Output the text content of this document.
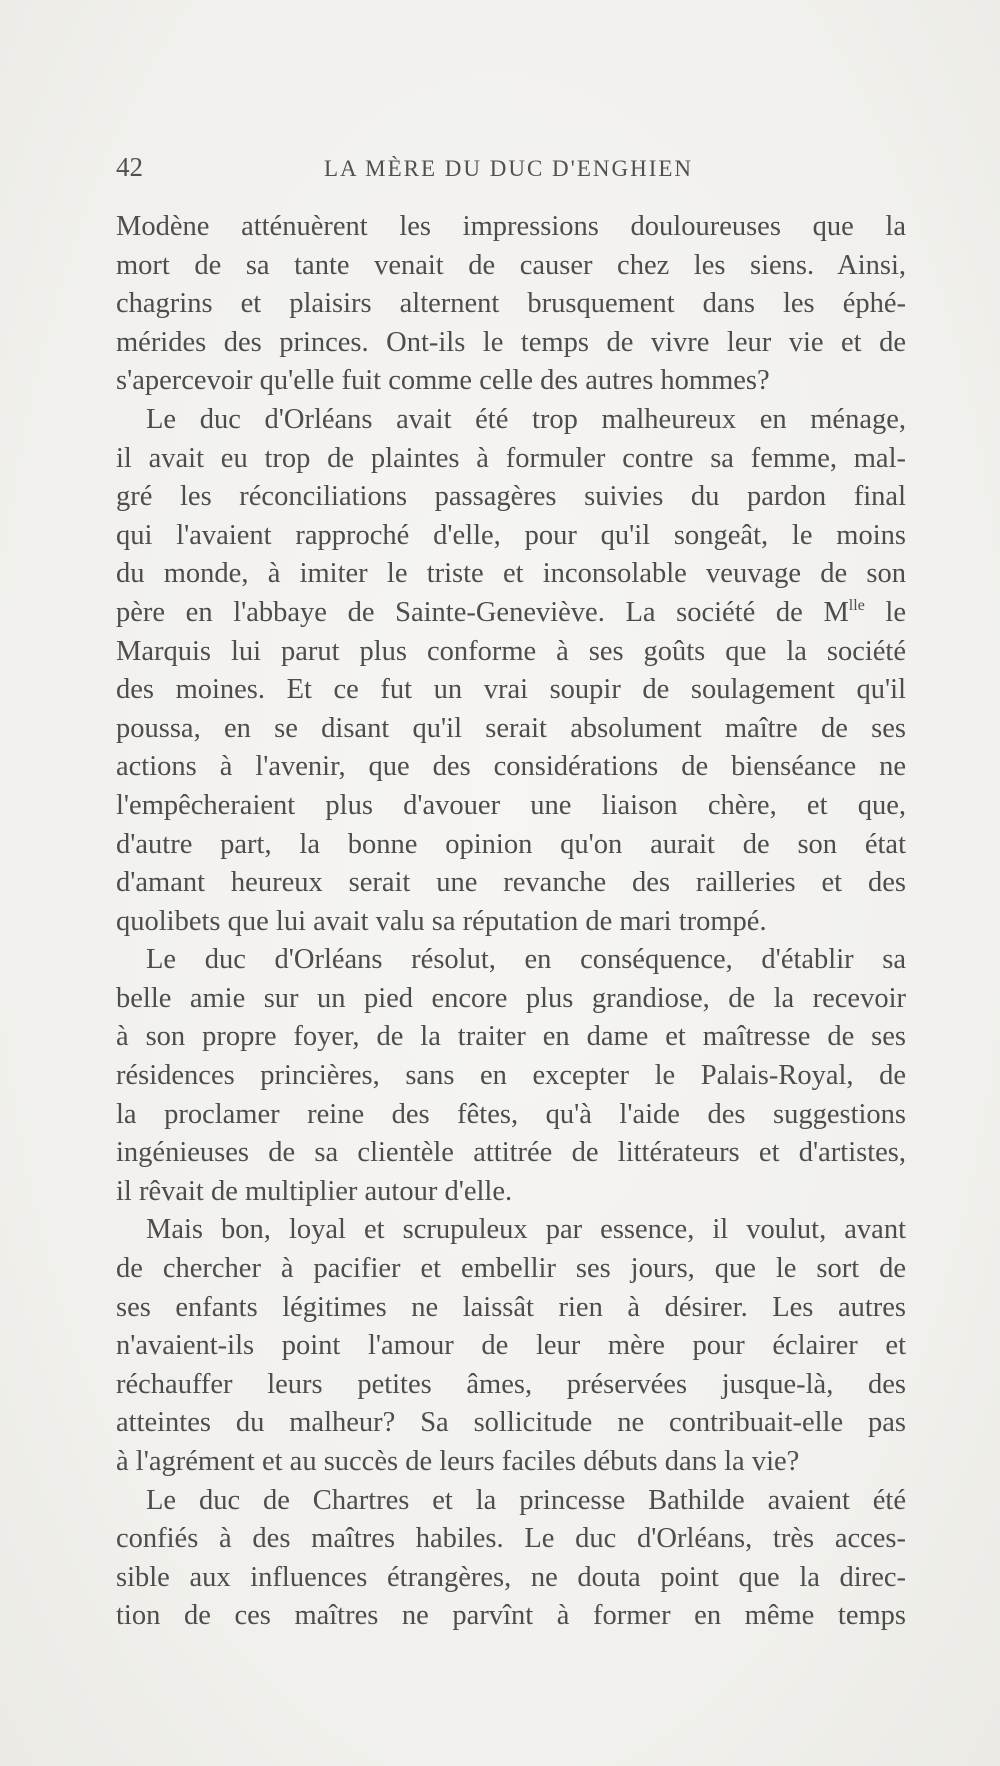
42	LA MÈRE DU DUC D'ENGHIEN
Modène atténuèrent les impressions douloureuses que la
mort de sa tante venait de causer chez les siens. Ainsi,
chagrins et plaisirs alternent brusquement dans les éphé-
mérides des princes. Ont-ils le temps de vivre leur vie et de
s'apercevoir qu'elle fuit comme celle des autres hommes?
Le duc d'Orléans avait été trop malheureux en ménage,
il avait eu trop de plaintes à formuler contre sa femme, mal-
gré les réconciliations passagères suivies du pardon final
qui l'avaient rapproché d'elle, pour qu'il songeât, le moins
du monde, à imiter le triste et inconsolable veuvage de son
père en l'abbaye de Sainte-Geneviève. La société de $M^{lle}$ le
Marquis lui parut plus conforme à ses goûts que la société
des moines. Et ce fut un vrai soupir de soulagement qu'il
poussa, en se disant qu'il serait absolument maître de ses
actions à l'avenir, que des considérations de bienséance ne
l'empêcheraient plus d'avouer une liaison chère, et que,
d'autre part, la bonne opinion qu'on aurait de son état
d'amant heureux serait une revanche des railleries et des
quolibets que lui avait valu sa réputation de mari trompé.
Le duc d'Orléans résolut, en conséquence, d'établir sa
belle amie sur un pied encore plus grandiose, de la recevoir
à son propre foyer, de la traiter en dame et maîtresse de ses
résidences princières, sans en excepter le Palais-Royal, de
la proclamer reine des fêtes, qu'à l'aide des suggestions
ingénieuses de sa clientèle attitrée de littérateurs et d'artistes,
il rêvait de multiplier autour d'elle.
Mais bon, loyal et scrupuleux par essence, il voulut, avant
de chercher à pacifier et embellir ses jours, que le sort de
ses enfants légitimes ne laissât rien à désirer. Les autres
n'avaient-ils point l'amour de leur mère pour éclairer et
réchauffer leurs petites âmes, préservées jusque-là, des
atteintes du malheur? Sa sollicitude ne contribuait-elle pas
à l'agrément et au succès de leurs faciles débuts dans la vie?
Le duc de Chartres et la princesse Bathilde avaient été
confiés à des maîtres habiles. Le duc d'Orléans, très acces-
sible aux influences étrangères, ne douta point que la direc-
tion de ces maîtres ne parvînt à former en même temps
